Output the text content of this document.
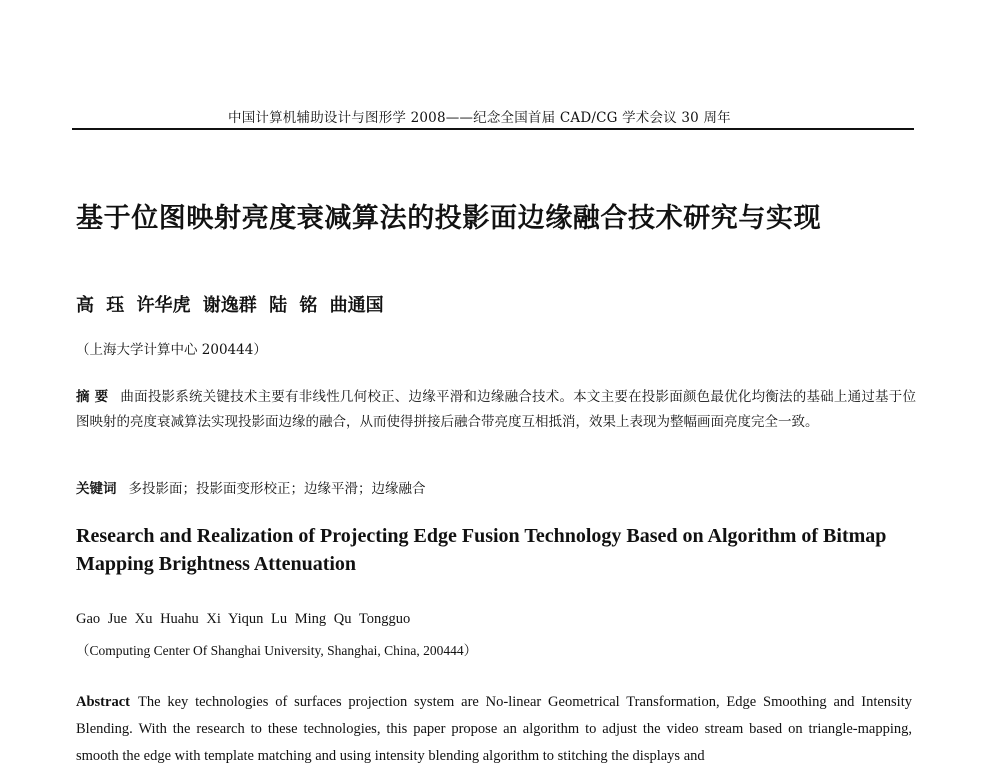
中国计算机辅助设计与图形学 2008——纪念全国首届 CAD/CG 学术会议 30 周年
基于位图映射亮度衰减算法的投影面边缘融合技术研究与实现
高 珏 许华虎 谢逸群 陆 铭 曲通国
（上海大学计算中心 200444）
摘 要 曲面投影系统关键技术主要有非线性几何校正、边缘平滑和边缘融合技术。本文主要在投影面颜色最优化均衡法的基础上通过基于位图映射的亮度衰减算法实现投影面边缘的融合，从而使得拼接后融合带亮度互相抵消，效果上表现为整幅画面亮度完全一致。
关键词 多投影面；投影面变形校正；边缘平滑；边缘融合
Research and Realization of Projecting Edge Fusion Technology Based on Algorithm of Bitmap Mapping Brightness Attenuation
Gao Jue Xu Huahu Xi Yiqun Lu Ming Qu Tongguo
（Computing Center Of Shanghai University, Shanghai, China, 200444）
Abstract The key technologies of surfaces projection system are No-linear Geometrical Transformation, Edge Smoothing and Intensity Blending. With the research to these technologies, this paper propose an algorithm to adjust the video stream based on triangle-mapping, smooth the edge with template matching and using intensity blending algorithm to stitching the displays and
